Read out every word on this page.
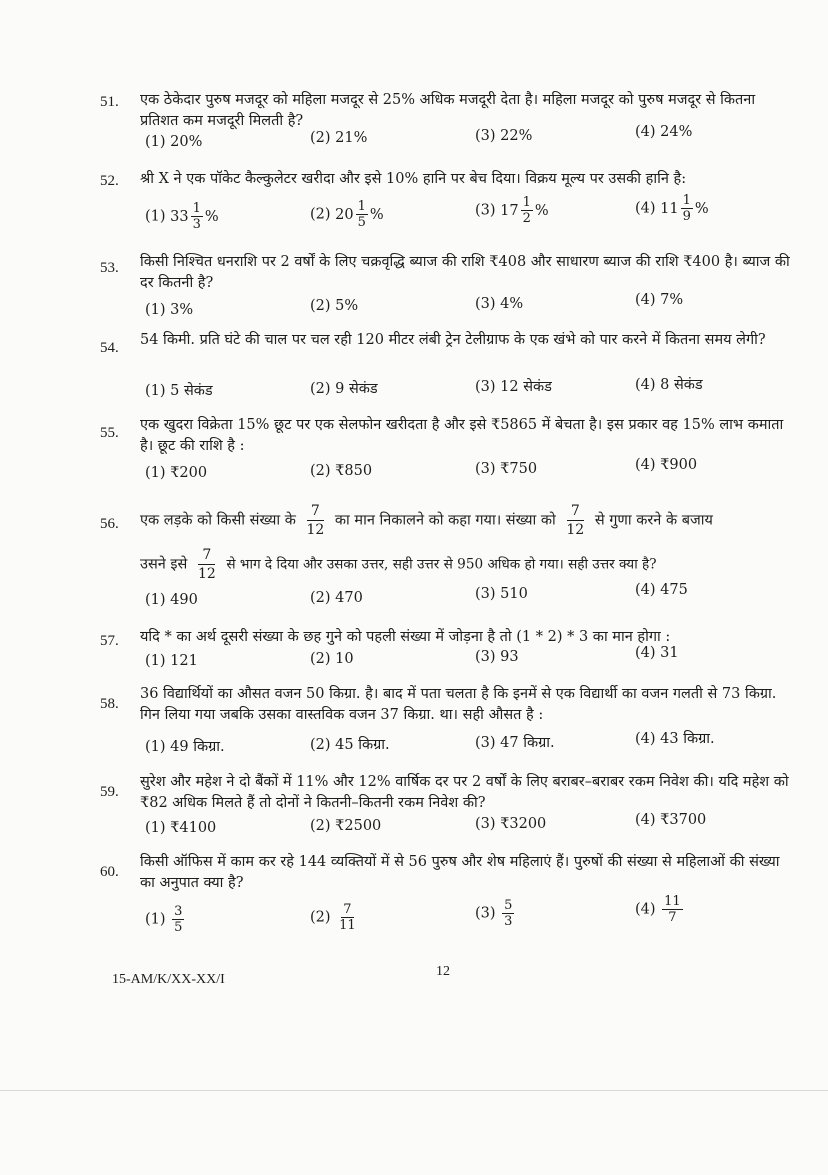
51. एक ठेकेदार पुरुष मजदूर को महिला मजदूर से 25% अधिक मजदूरी देता है। महिला मजदूर को पुरुष मजदूर से कितना प्रतिशत कम मजदूरी मिलती है?
(1) 20%	(2) 21%	(3) 22%	(4) 24%
52. श्री X ने एक पॉकेट कैल्कुलेटर खरीदा और इसे 10% हानि पर बेच दिया। विक्रय मूल्य पर उसकी हानि है:
(1) $33 \frac{1}{3}$ %	(2) $20 \frac{1}{5}$ %	(3) $17 \frac{1}{2}$ %	(4) $11 \frac{1}{9}$ %
53. किसी निश्चित धनराशि पर 2 वर्षों के लिए चक्रवृद्धि ब्याज की राशि ₹408 और साधारण ब्याज की राशि ₹400 है। ब्याज की दर कितनी है?
(1) 3%	(2) 5%	(3) 4%	(4) 7%
54. 54 किमी. प्रति घंटे की चाल पर चल रही 120 मीटर लंबी ट्रेन टेलीग्राफ के एक खंभे को पार करने में कितना समय लेगी?
(1) 5 सेकंड	(2) 9 सेकंड	(3) 12 सेकंड	(4) 8 सेकंड
55. एक खुदरा विक्रेता 15% छूट पर एक सेलफोन खरीदता है और इसे ₹5865 में बेचता है। इस प्रकार वह 15% लाभ कमाता है। छूट की राशि है :
(1) ₹200	(2) ₹850	(3) ₹750	(4) ₹900
56. एक लड़के को किसी संख्या के $\frac{7}{12}$ का मान निकालने को कहा गया। संख्या को $\frac{7}{12}$ से गुणा करने के बजाय
उसने इसे $\frac{7}{12}$ से भाग दे दिया और उसका उत्तर, सही उत्तर से 950 अधिक हो गया। सही उत्तर क्या है?
(1) 490	(2) 470	(3) 510	(4) 475
57. यदि * का अर्थ दूसरी संख्या के छह गुने को पहली संख्या में जोड़ना है तो (1 * 2) * 3 का मान होगा :
(1) 121	(2) 10	(3) 93	(4) 31
58.
36 विद्यार्थियों का औसत वजन 50 किग्रा. है। बाद में पता चलता है कि इनमें से एक विद्यार्थी का वजन गलती से 73 किग्रा. गिन लिया गया जबकि उसका वास्तविक वजन 37 किग्रा. था। सही औसत है :
(1) 49 किग्रा.	(2) 45 किग्रा.	(3) 47 किग्रा.	(4) 43 किग्रा.
59.
सुरेश और महेश ने दो बैंकों में 11% और 12% वार्षिक दर पर 2 वर्षों के लिए बराबर–बराबर रकम निवेश की। यदि महेश को ₹82 अधिक मिलते हैं तो दोनों ने कितनी–कितनी रकम निवेश की?
(1) ₹4100	(2) ₹2500	(3) ₹3200	(4) ₹3700
60.
किसी ऑफिस में काम कर रहे 144 व्यक्तियों में से 56 पुरुष और शेष महिलाएं हैं। पुरुषों की संख्या से महिलाओं की संख्या का अनुपात क्या है?
$(1) \frac{3}{5}$	$(2) \frac{7}{11}$	$(3) \frac{5}{3}$	$(4) \frac{11}{7}$
15-AM/K/XX-XX/I
12
